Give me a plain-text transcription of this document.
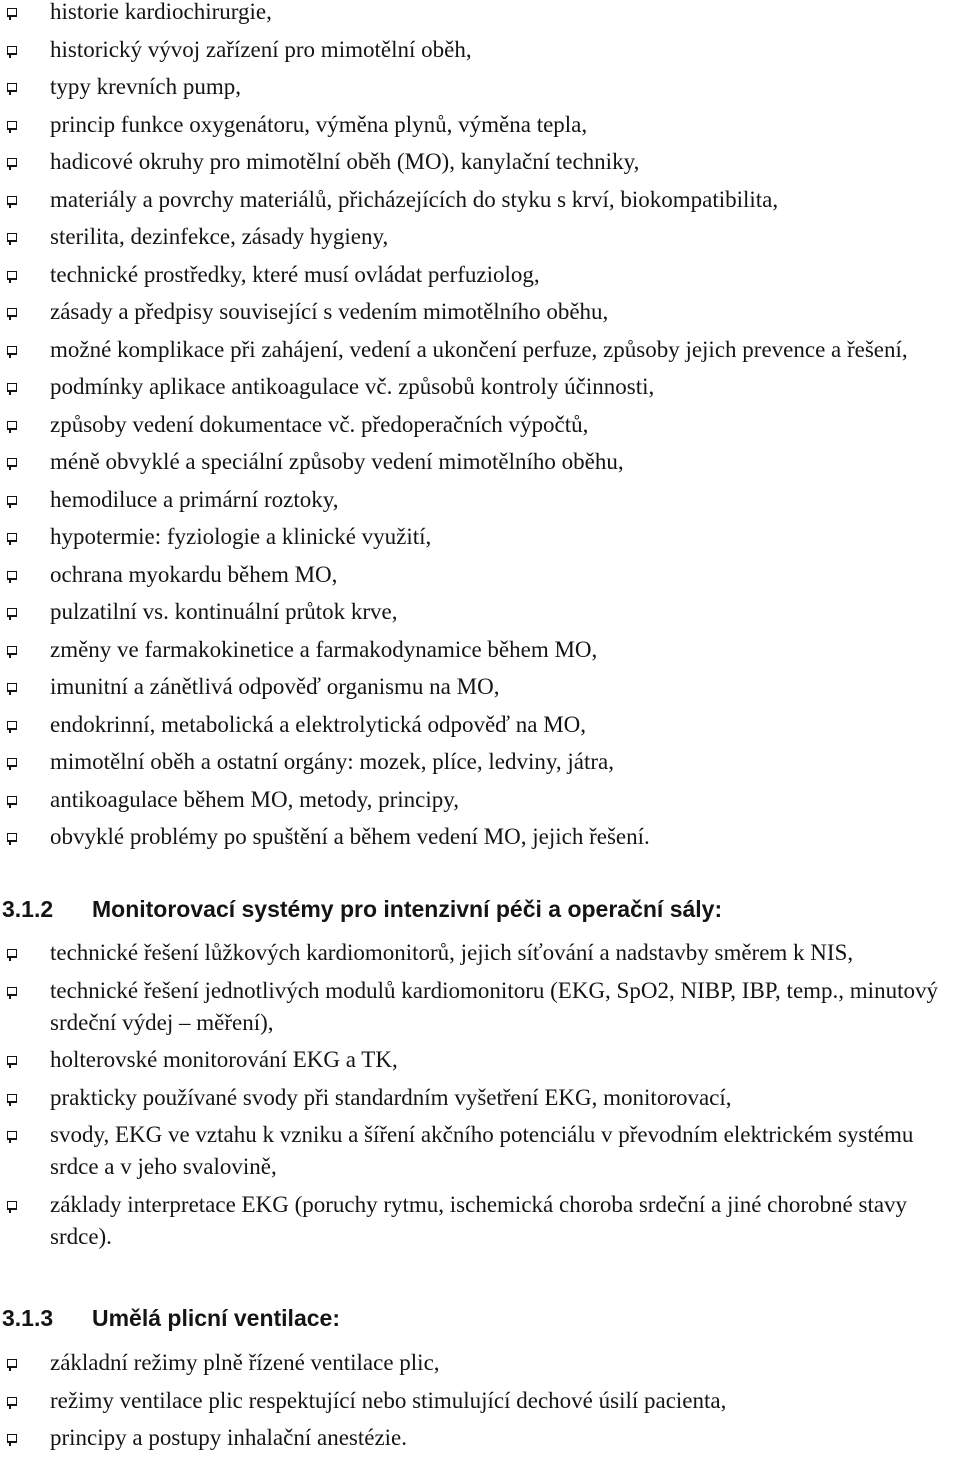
historie kardiochirurgie,
historický vývoj zařízení pro mimotělní oběh,
typy krevních pump,
princip funkce oxygenátoru, výměna plynů, výměna tepla,
hadicové okruhy pro mimotělní oběh (MO), kanylační techniky,
materiály a povrchy materiálů, přicházejících do styku s krví, biokompatibilita,
sterilita, dezinfekce, zásady hygieny,
technické prostředky, které musí ovládat perfuziolog,
zásady a předpisy související s vedením mimotělního oběhu,
možné komplikace při zahájení, vedení a ukončení perfuze, způsoby jejich prevence a řešení,
podmínky aplikace antikoagulace vč. způsobů kontroly účinnosti,
způsoby vedení dokumentace vč. předoperačních výpočtů,
méně obvyklé a speciální způsoby vedení mimotělního oběhu,
hemodiluce a primární roztoky,
hypotermie: fyziologie a klinické využití,
ochrana myokardu během MO,
pulzatilní vs. kontinuální průtok krve,
změny ve farmakokinetice a farmakodynamice během MO,
imunitní a zánětlivá odpověď organismu na MO,
endokrinní, metabolická a elektrolytická odpověď na MO,
mimotělní oběh a ostatní orgány: mozek, plíce, ledviny, játra,
antikoagulace během MO, metody, principy,
obvyklé problémy po spuštění a během vedení MO, jejich řešení.
3.1.2	Monitorovací systémy pro intenzivní péči a operační sály:
technické řešení lůžkových kardiomonitorů, jejich síťování a nadstavby směrem k NIS,
technické řešení jednotlivých modulů kardiomonitoru (EKG, SpO2, NIBP, IBP, temp., minutový srdeční výdej – měření),
holterovské monitorování EKG a TK,
prakticky používané svody při standardním vyšetření EKG, monitorovací,
svody, EKG ve vztahu k vzniku a šíření akčního potenciálu v převodním elektrickém systému srdce a v jeho svalovině,
základy interpretace EKG (poruchy rytmu, ischemická choroba srdeční a jiné chorobné stavy srdce).
3.1.3	Umělá plicní ventilace:
základní režimy plně řízené ventilace plic,
režimy ventilace plic respektující nebo stimulující dechové úsilí pacienta,
principy a postupy inhalační anestézie.
